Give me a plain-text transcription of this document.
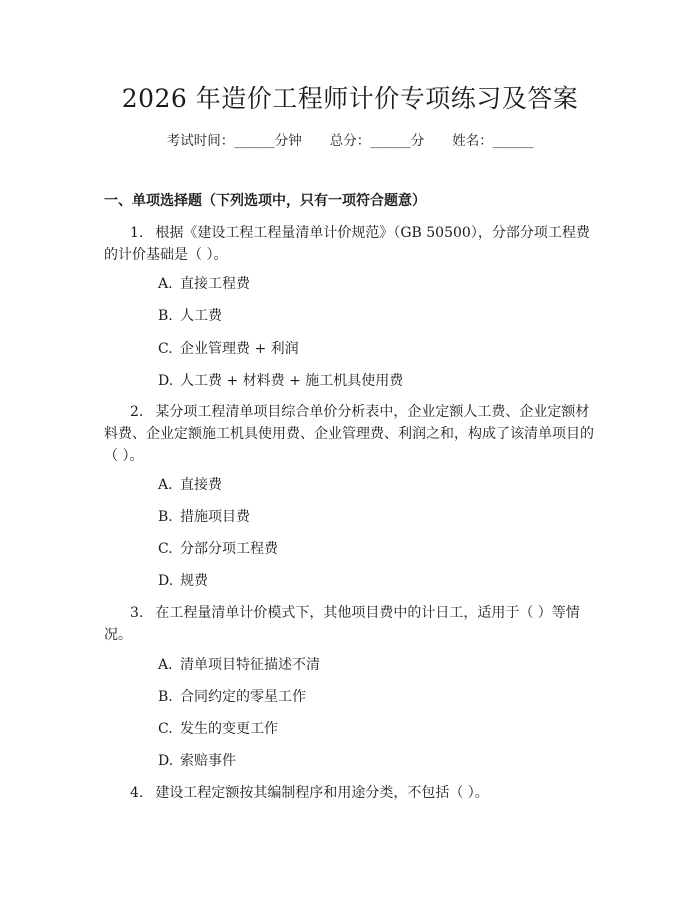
2026 年造价工程师计价专项练习及答案
考试时间：______分钟 总分：______分 姓名：______
一、单项选择题（下列选项中，只有一项符合题意）
1. 根据《建设工程工程量清单计价规范》（GB 50500），分部分项工程费的计价基础是（ ）。
A. 直接工程费
B. 人工费
C. 企业管理费 + 利润
D. 人工费 + 材料费 + 施工机具使用费
2. 某分项工程清单项目综合单价分析表中，企业定额人工费、企业定额材料费、企业定额施工机具使用费、企业管理费、利润之和，构成了该清单项目的（ ）。
A. 直接费
B. 措施项目费
C. 分部分项工程费
D. 规费
3. 在工程量清单计价模式下，其他项目费中的计日工，适用于（ ）等情况。
A. 清单项目特征描述不清
B. 合同约定的零星工作
C. 发生的变更工作
D. 索赔事件
4. 建设工程定额按其编制程序和用途分类，不包括（ ）。
